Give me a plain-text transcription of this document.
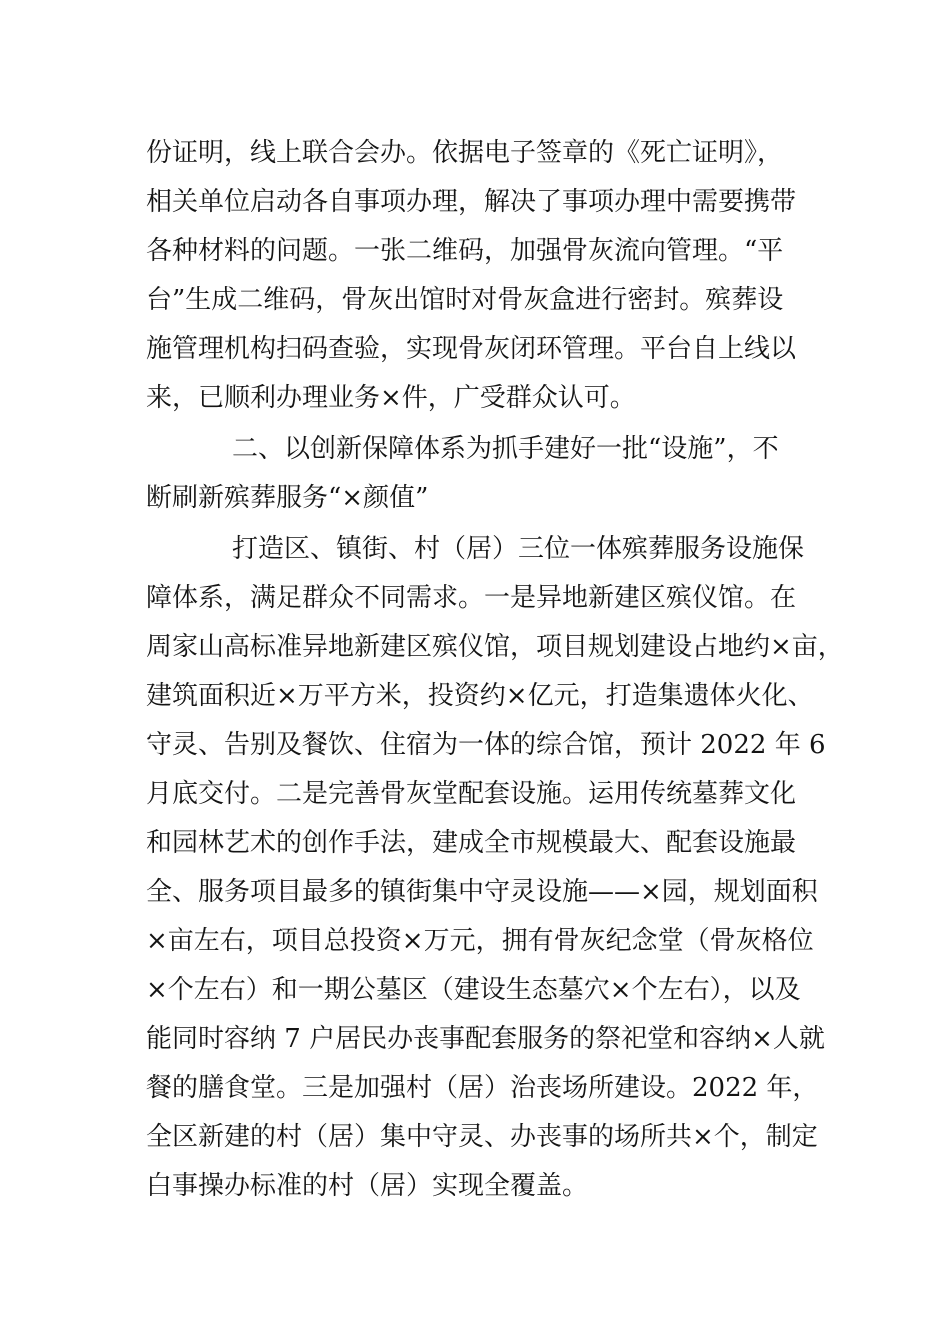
份证明，线上联合会办。依据电子签章的《死亡证明》，
相关单位启动各自事项办理，解决了事项办理中需要携带
各种材料的问题。一张二维码，加强骨灰流向管理。“平
台”生成二维码，骨灰出馆时对骨灰盒进行密封。殡葬设
施管理机构扫码查验，实现骨灰闭环管理。平台自上线以
来，已顺利办理业务×件，广受群众认可。
二、以创新保障体系为抓手建好一批“设施”，不
断刷新殡葬服务“×颜值”
打造区、镇街、村（居）三位一体殡葬服务设施保
障体系，满足群众不同需求。一是异地新建区殡仪馆。在
周家山高标准异地新建区殡仪馆，项目规划建设占地约×亩，
建筑面积近×万平方米，投资约×亿元，打造集遗体火化、
守灵、告别及餐饮、住宿为一体的综合馆，预计 2022 年 6
月底交付。二是完善骨灰堂配套设施。运用传统墓葬文化
和园林艺术的创作手法，建成全市规模最大、配套设施最
全、服务项目最多的镇街集中守灵设施——×园，规划面积
×亩左右，项目总投资×万元，拥有骨灰纪念堂（骨灰格位
×个左右）和一期公墓区（建设生态墓穴×个左右），以及
能同时容纳 7 户居民办丧事配套服务的祭祀堂和容纳×人就
餐的膳食堂。三是加强村（居）治丧场所建设。2022 年，
全区新建的村（居）集中守灵、办丧事的场所共×个，制定
白事操办标准的村（居）实现全覆盖。
